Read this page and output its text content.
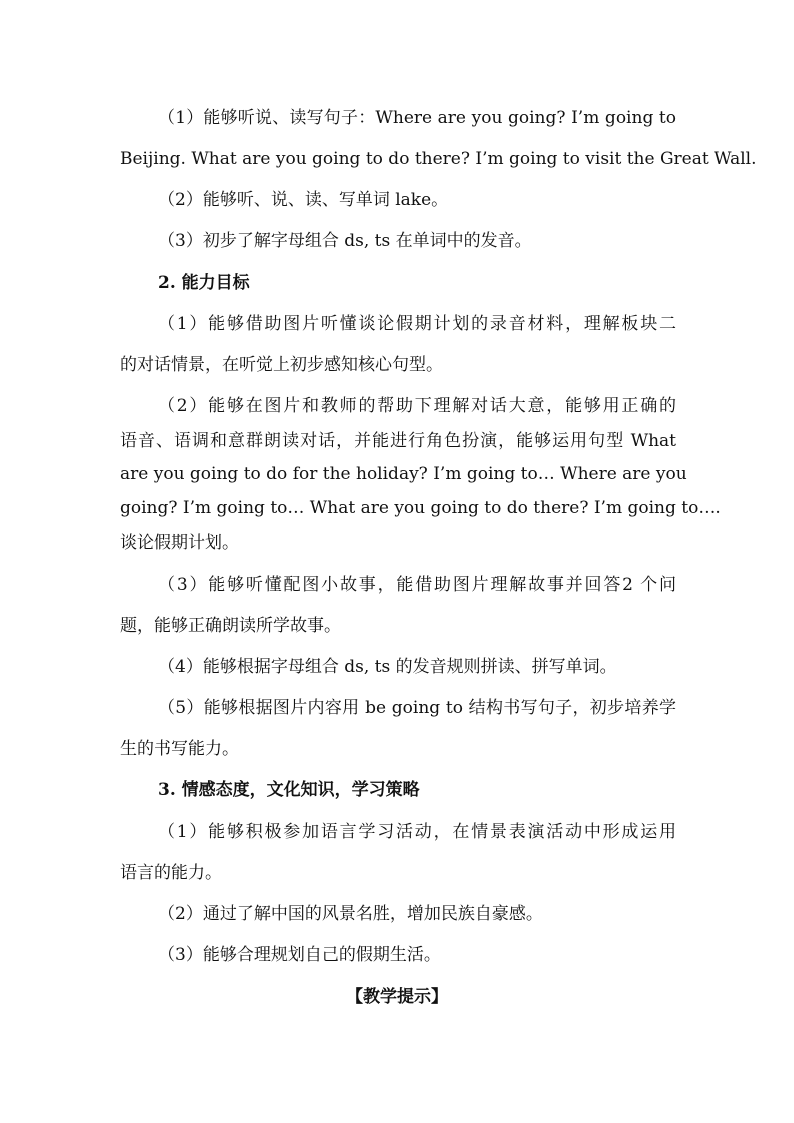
（1）能够听说、读写句子：Where are you going? I’m going to
Beijing. What are you going to do there? I’m going to visit the Great Wall.
（2）能够听、说、读、写单词 lake。
（3）初步了解字母组合 ds, ts 在单词中的发音。
2. 能力目标
（1）能够借助图片听懂谈论假期计划的录音材料，理解板块二
的对话情景，在听觉上初步感知核心句型。
（2）能够在图片和教师的帮助下理解对话大意，能够用正确的
语音、语调和意群朗读对话，并能进行角色扮演，能够运用句型 What
are you going to do for the holiday? I’m going to… Where are you
going? I’m going to… What are you going to do there? I’m going to….
谈论假期计划。
（3）能够听懂配图小故事，能借助图片理解故事并回答2 个问
题，能够正确朗读所学故事。
（4）能够根据字母组合 ds, ts 的发音规则拼读、拼写单词。
（5）能够根据图片内容用 be going to 结构书写句子，初步培养学
生的书写能力。
3. 情感态度，文化知识，学习策略
（1）能够积极参加语言学习活动，在情景表演活动中形成运用
语言的能力。
（2）通过了解中国的风景名胜，增加民族自豪感。
（3）能够合理规划自己的假期生活。
【教学提示】
